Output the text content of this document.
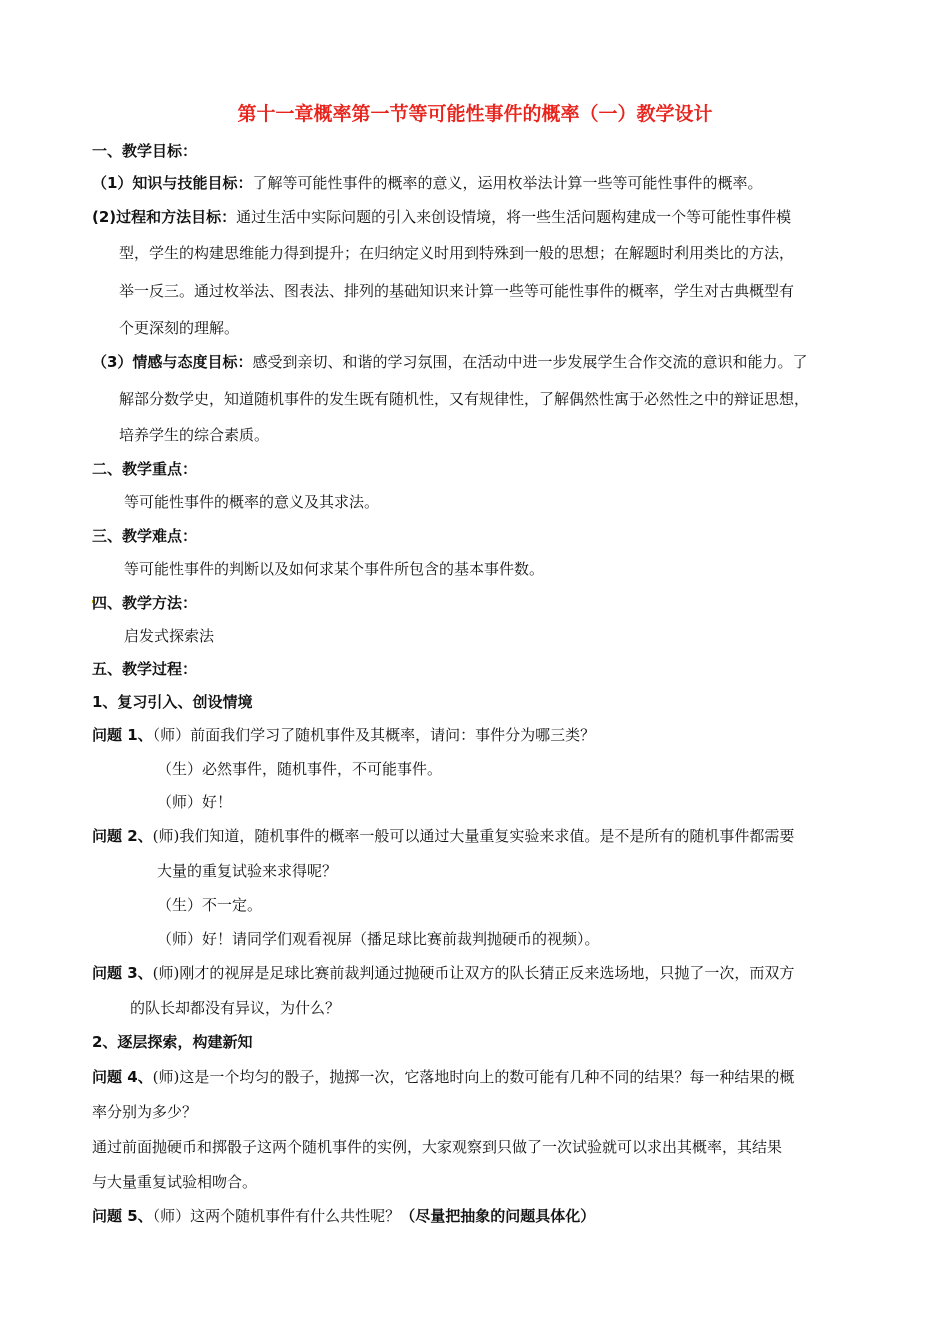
第十一章概率第一节等可能性事件的概率（一）教学设计
一、教学目标：
（1）知识与技能目标：了解等可能性事件的概率的意义，运用枚举法计算一些等可能性事件的概率。
(2)过程和方法目标：通过生活中实际问题的引入来创设情境，将一些生活问题构建成一个等可能性事件模
型，学生的构建思维能力得到提升；在归纳定义时用到特殊到一般的思想；在解题时利用类比的方法，
举一反三。通过枚举法、图表法、排列的基础知识来计算一些等可能性事件的概率，学生对古典概型有
个更深刻的理解。
（3）情感与态度目标：感受到亲切、和谐的学习氛围，在活动中进一步发展学生合作交流的意识和能力。了
解部分数学史，知道随机事件的发生既有随机性，又有规律性，了解偶然性寓于必然性之中的辩证思想，
培养学生的综合素质。
二、教学重点：
等可能性事件的概率的意义及其求法。
三、教学难点：
等可能性事件的判断以及如何求某个事件所包含的基本事件数。
四、教学方法：
启发式探索法
五、教学过程：
1、复习引入、创设情境
问题 1、（师）前面我们学习了随机事件及其概率，请问：事件分为哪三类？
（生）必然事件，随机事件，不可能事件。
（师）好！
问题 2、(师)我们知道，随机事件的概率一般可以通过大量重复实验来求值。是不是所有的随机事件都需要
大量的重复试验来求得呢？
（生）不一定。
（师）好！请同学们观看视屏（播足球比赛前裁判抛硬币的视频）。
问题 3、(师)刚才的视屏是足球比赛前裁判通过抛硬币让双方的队长猜正反来选场地，只抛了一次，而双方
的队长却都没有异议，为什么？
2、逐层探索，构建新知
问题 4、(师)这是一个均匀的骰子，抛掷一次，它落地时向上的数可能有几种不同的结果？每一种结果的概
率分别为多少？
通过前面抛硬币和掷骰子这两个随机事件的实例，大家观察到只做了一次试验就可以求出其概率，其结果
与大量重复试验相吻合。
问题 5、（师）这两个随机事件有什么共性呢？（尽量把抽象的问题具体化）
